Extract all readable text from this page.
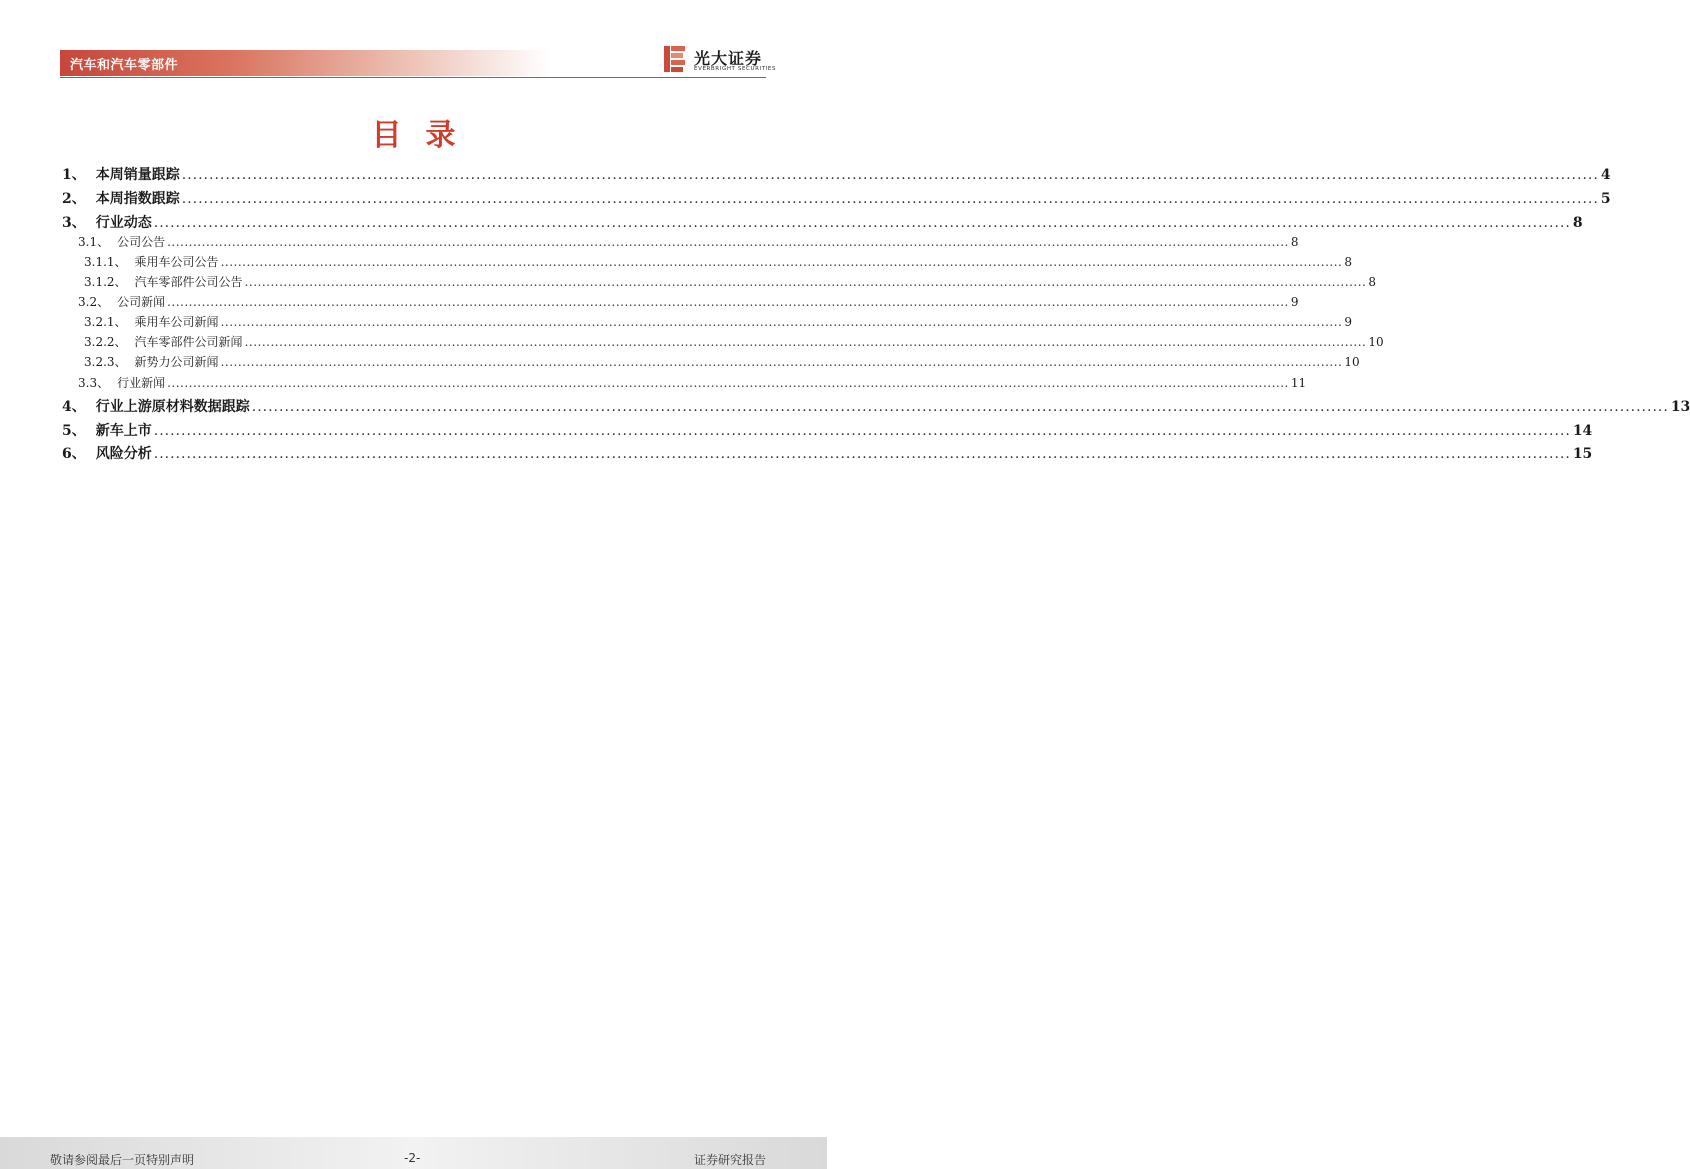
汽车和汽车零部件	光大证券
EVERBRIGHT SECURITIES
目录
1、 本周销量跟踪 .................................................................................................................................................................................................................................................................... 4
2、 本周指数跟踪 .................................................................................................................................................................................................................................................................... 5
3、 行业动态 .................................................................................................................................................................................................................................................................... 8
3.1、 公司公告 .................................................................................................................................................................................................................................................................... 8
3.1.1、 乘用车公司公告 .................................................................................................................................................................................................................................................................... 8
3.1.2、 汽车零部件公司公告 .................................................................................................................................................................................................................................................................... 8
3.2、 公司新闻 .................................................................................................................................................................................................................................................................... 9
3.2.1、 乘用车公司新闻 .................................................................................................................................................................................................................................................................... 9
3.2.2、 汽车零部件公司新闻 .................................................................................................................................................................................................................................................................... 10
3.2.3、 新势力公司新闻 .................................................................................................................................................................................................................................................................... 10
3.3、 行业新闻 .................................................................................................................................................................................................................................................................... 11
4、 行业上游原材料数据跟踪 .................................................................................................................................................................................................................................................................... 13
5、 新车上市 .................................................................................................................................................................................................................................................................... 14
6、 风险分析 .................................................................................................................................................................................................................................................................... 15
敬请参阅最后一页特别声明	-2-	证券研究报告
